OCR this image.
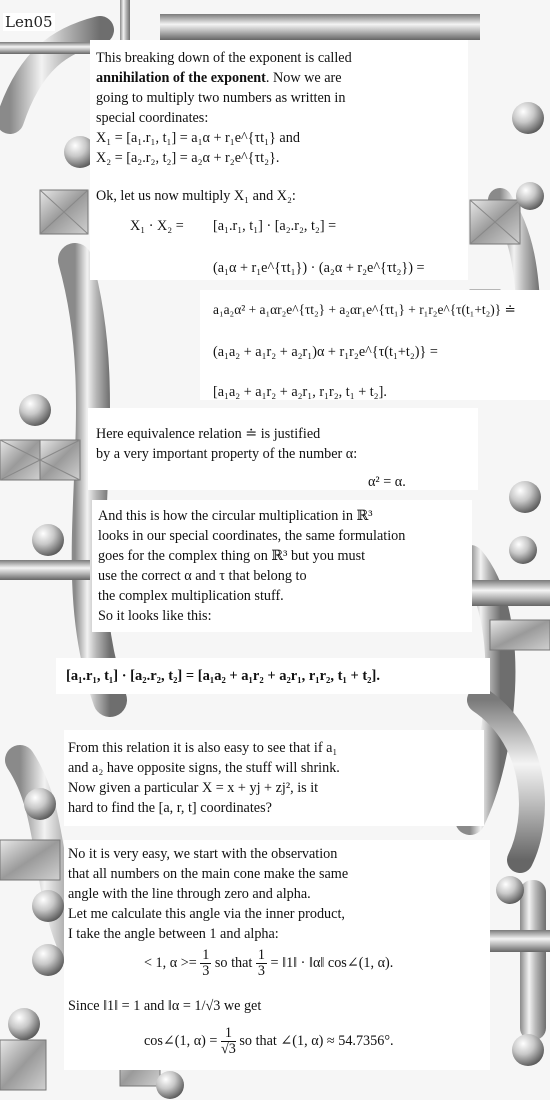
Len05
This breaking down of the exponent is called
annihilation of the exponent. Now we are
going to multiply two numbers as written in
special coordinates:
X₁ = [a₁.r₁, t₁] = a₁α + r₁e^{τt₁} and
X₂ = [a₂.r₂, t₂] = a₂α + r₂e^{τt₂}.
Ok, let us now multiply X₁ and X₂:
X₁ · X₂ = [a₁.r₁, t₁] · [a₂.r₂, t₂] =
(a₁α + r₁e^{τt₁}) · (a₂α + r₂e^{τt₂}) =
a₁a₂α² + a₁αr₂e^{τt₂} + a₂αr₁e^{τt₁} + r₁r₂e^{τ(t₁+t₂)} ≐
(a₁a₂ + a₁r₂ + a₂r₁)α + r₁r₂e^{τ(t₁+t₂)} =
[a₁a₂ + a₁r₂ + a₂r₁, r₁r₂, t₁ + t₂].
Here equivalence relation ≐ is justified
by a very important property of the number α:
α² = α.
And this is how the circular multiplication in ℝ³
looks in our special coordinates, the same formulation
goes for the complex thing on ℝ³ but you must
use the correct α and τ that belong to
the complex multiplication stuff.
So it looks like this:
[a₁.r₁, t₁] · [a₂.r₂, t₂] = [a₁a₂ + a₁r₂ + a₂r₁, r₁r₂, t₁ + t₂].
From this relation it is also easy to see that if a₁
and a₂ have opposite signs, the stuff will shrink.
Now given a particular X = x + yj + zj², is it
hard to find the [a, r, t] coordinates?
No it is very easy, we start with the observation
that all numbers on the main cone make the same
angle with the line through zero and alpha.
Let me calculate this angle via the inner product,
I take the angle between 1 and alpha:
< 1, $\alpha >= \frac{1}{3}$ so that $\frac{1}{3}$ = ‖1‖ · ‖α‖ cos∠(1, α).
Since ‖1‖ = 1 and ‖α = 1/√3 we get
cos∠(1, $\alpha) = \frac{1}{√3}$ so that ∠(1, α) ≈ 54.7356°.
